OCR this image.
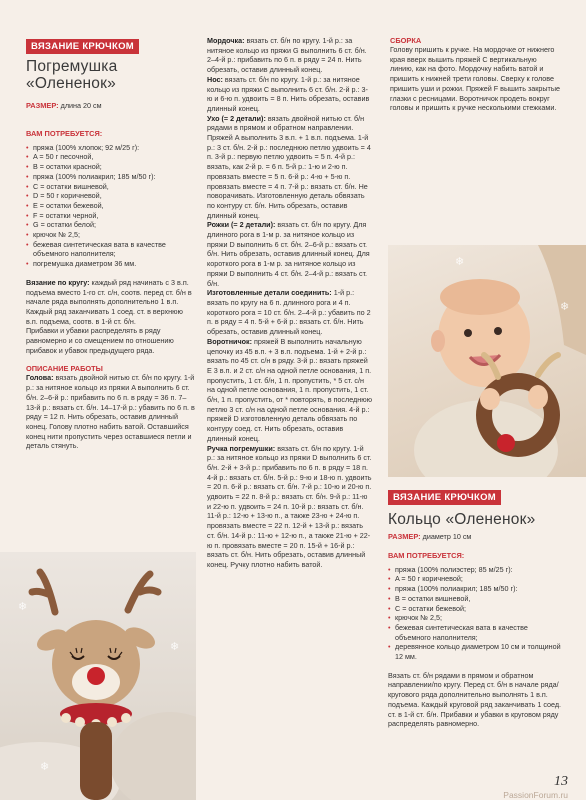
ВЯЗАНИЕ КРЮЧКОМ
Погремушка
«Олененок»
РАЗМЕР: длина 20 см
ВАМ ПОТРЕБУЕТСЯ:
• пряжа (100% хлопок; 92 м/25 г):
• A = 50 г песочной,
• B = остатки красной;
• пряжа (100% полиакрил; 185 м/50 г):
• C = остатки вишневой,
• D = 50 г коричневой,
• E = остатки бежевой,
• F = остатки черной,
• G = остатки белой;
• крючок № 2,5;
• бежевая синтетическая вата в качестве объемного наполнителя;
• погремушка диаметром 36 мм.
Вязание по кругу: каждый ряд начинать с 3 в.п. подъема вместо 1-го ст. с/н, соотв. перед ст. б/н в начале ряда выполнять дополнительно 1 в.п. Каждый ряд заканчивать 1 соед. ст. в верхнюю в.п. подъема, соотв. в 1-й ст. б/н.
Прибавки и убавки распределять в ряду равномерно и со смещением по отношению прибавок и убавок предыдущего ряда.
ОПИСАНИЕ РАБОТЫ
Голова: вязать двойной нитью ст. б/н по кругу. 1-й р.: за нитяное кольцо из пряжи A выполнить 6 ст. б/н. 2–6-й р.: прибавить по 6 п. в ряду = 36 п. 7–13-й р.: вязать ст. б/н. 14–17-й р.: убавить по 6 п. в ряду = 12 п. Нить обрезать, оставив длинный конец. Голову плотно набить ватой. Оставшийся конец нити пропустить через оставшиеся петли и деталь стянуть.
Мордочка: вязать ст. б/н по кругу. 1-й р.: за нитяное кольцо из пряжи G выполнить 6 ст. б/н. 2–4-й р.: прибавить по 6 п. в ряду = 24 п. Нить обрезать, оставив длинный конец.
Нос: вязать ст. б/н по кругу. 1-й р.: за нитяное кольцо из пряжи C выполнить 6 ст. б/н. 2-й р.: 3-ю и 6-ю п. удвоить = 8 п. Нить обрезать, оставив длинный конец.
Ухо (= 2 детали): вязать двойной нитью ст. б/н рядами в прямом и обратном направлении. Пряжей A выполнить 3 в.п. + 1 в.п. подъема. 1-й р.: 3 ст. б/н. 2-й р.: последнюю петлю удвоить = 4 п. 3-й р.: первую петлю удвоить = 5 п. 4-й р.: вязать, как 2-й р. = 6 п. 5-й р.: 1-ю и 2-ю п. провязать вместе = 5 п. 6-й р.: 4-ю + 5-ю п. провязать вместе = 4 п. 7-й р.: вязать ст. б/н. Не поворачивать. Изготовленную деталь обвязать по контуру ст. б/н. Нить обрезать, оставив длинный конец.
Рожки (= 2 детали): вязать ст. б/н по кругу. Для длинного рога в 1-м р. за нитяное кольцо из пряжи D выполнить 6 ст. б/н. 2–6-й р.: вязать ст. б/н. Нить обрезать, оставив длинный конец. Для короткого рога в 1-м р. за нитяное кольцо из пряжи D выполнить 4 ст. б/н. 2–4-й р.: вязать ст. б/н.
Изготовленные детали соединить: 1-й р.: вязать по кругу на 6 п. длинного рога и 4 п. короткого рога = 10 ст. б/н. 2–4-й р.: убавить по 2 п. в ряду = 4 п. 5-й + 6-й р.: вязать ст. б/н. Нить обрезать, оставив длинный конец.
Воротничок: пряжей B выполнить начальную цепочку из 45 в.п. + 3 в.п. подъема. 1-й + 2-й р.: вязать по 45 ст. с/н в ряду. 3-й р.: вязать пряжей E 3 в.п. и 2 ст. с/н на одной петле основания, 1 п. пропустить, 1 ст. б/н, 1 п. пропустить, * 5 ст. с/н на одной петле основания, 1 п. пропустить, 1 ст. б/н, 1 п. пропустить, от * повторять, в последнюю петлю 3 ст. с/н на одной петле основания. 4-й р.: пряжей D изготовленную деталь обвязать по контуру соед. ст. Нить обрезать, оставив длинный конец.
Ручка погремушки: вязать ст. б/н по кругу. 1-й р.: за нитяное кольцо из пряжи D выполнить 6 ст. б/н. 2-й + 3-й р.: прибавить по 6 п. в ряду = 18 п. 4-й р.: вязать ст. б/н. 5-й р.: 9-ю и 18-ю п. удвоить = 20 п. 6-й р.: вязать ст. б/н. 7-й р.: 10-ю и 20-ю п. удвоить = 22 п. 8-й р.: вязать ст. б/н. 9-й р.: 11-ю и 22-ю п. удвоить = 24 п. 10-й р.: вязать ст. б/н. 11-й р.: 12-ю + 13-ю п., а также 23-ю + 24-ю п. провязать вместе = 22 п. 12-й + 13-й р.: вязать ст. б/н. 14-й р.: 11-ю + 12-ю п., а также 21-ю + 22-ю п. провязать вместе = 20 п. 15-й + 16-й р.: вязать ст. б/н. Нить обрезать, оставив длинный конец. Ручку плотно набить ватой.
СБОРКА
Голову пришить к ручке. На мордочке от нижнего края вверх вышить пряжей C вертикальную линию, как на фото. Мордочку набить ватой и пришить к нижней трети головы. Сверху к голове пришить уши и рожки. Пряжей F вышить закрытые глазки с ресницами. Воротничок продеть вокруг головы и пришить к ручке несколькими стежками.
ВЯЗАНИЕ КРЮЧКОМ
Кольцо «Олененок»
РАЗМЕР: диаметр 10 см
ВАМ ПОТРЕБУЕТСЯ:
• пряжа (100% полиэстер; 85 м/25 г):
• A = 50 г коричневой;
• пряжа (100% полиакрил; 185 м/50 г):
• B = остатки вишневой,
• C = остатки бежевой;
• крючок № 2,5;
• бежевая синтетическая вата в качестве объемного наполнителя;
• деревянное кольцо диаметром 10 см и толщиной 12 мм.
Вязать ст. б/н рядами в прямом и обратном направлении/по кругу. Перед ст. б/н в начале ряда/кругового ряда дополнительно выполнять 1 в.п. подъема. Каждый круговой ряд заканчивать 1 соед. ст. в 1-й ст. б/н. Прибавки и убавки в круговом ряду распределять равномерно.
❄
❄
❄
❄
❄
13
PassionForum.ru
